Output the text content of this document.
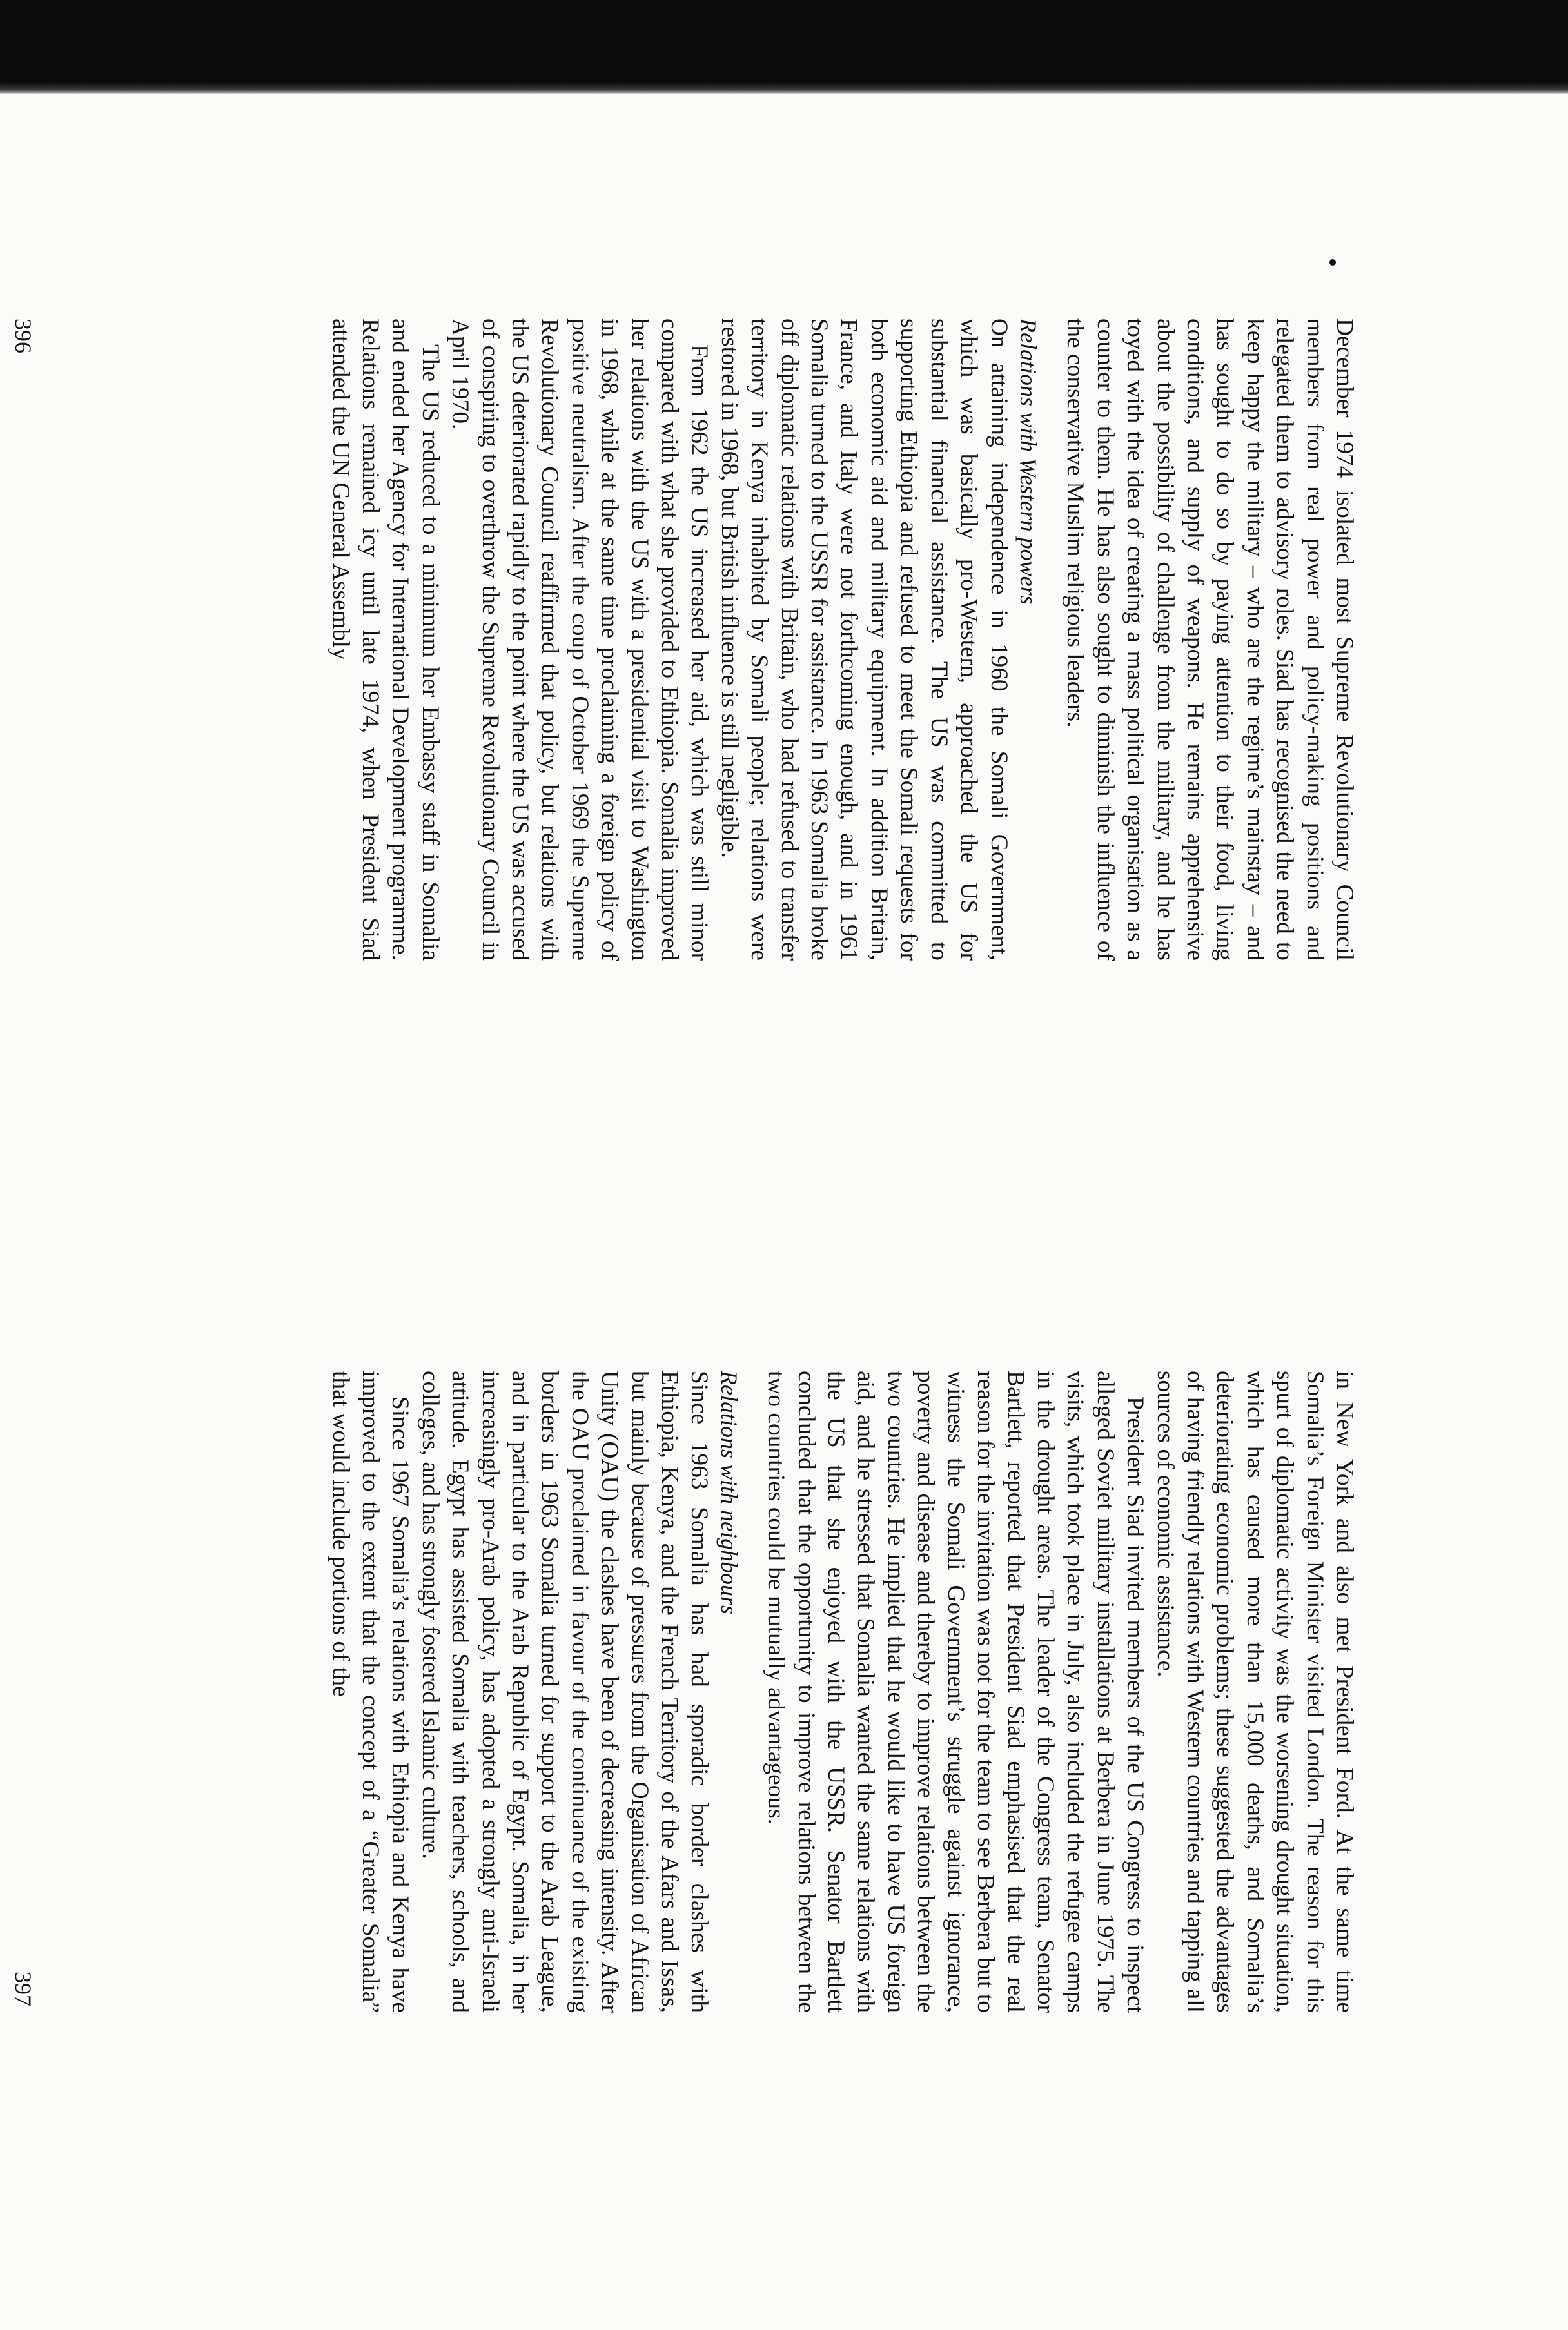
December 1974 isolated most Supreme Revolutionary Council members from real power and policy-making positions and relegated them to advisory roles. Siad has recognised the need to keep happy the military – who are the regime’s mainstay – and has sought to do so by paying attention to their food, living conditions, and supply of weapons. He remains apprehensive about the possibility of challenge from the military, and he has toyed with the idea of creating a mass political organisation as a counter to them. He has also sought to diminish the influence of the conservative Muslim religious leaders.

Relations with Western powers

On attaining independence in 1960 the Somali Government, which was basically pro-Western, approached the US for substantial financial assistance. The US was committed to supporting Ethiopia and refused to meet the Somali requests for both economic aid and military equipment. In addition Britain, France, and Italy were not forthcoming enough, and in 1961 Somalia turned to the USSR for assistance. In 1963 Somalia broke off diplomatic relations with Britain, who had refused to transfer territory in Kenya inhabited by Somali people; relations were restored in 1968, but British influence is still negligible.

From 1962 the US increased her aid, which was still minor compared with what she provided to Ethiopia. Somalia improved her relations with the US with a presidential visit to Washington in 1968, while at the same time proclaiming a foreign policy of positive neutralism. After the coup of October 1969 the Supreme Revolutionary Council reaffirmed that policy, but relations with the US deteriorated rapidly to the point where the US was accused of conspiring to overthrow the Supreme Revolutionary Council in April 1970.

The US reduced to a minimum her Embassy staff in Somalia and ended her Agency for International Development programme. Relations remained icy until late 1974, when President Siad attended the UN General Assembly

396

in New York and also met President Ford. At the same time Somalia’s Foreign Minister visited London. The reason for this spurt of diplomatic activity was the worsening drought situation, which has caused more than 15,000 deaths, and Somalia’s deteriorating economic problems; these suggested the advantages of having friendly relations with Western countries and tapping all sources of economic assistance.

President Siad invited members of the US Congress to inspect alleged Soviet military installations at Berbera in June 1975. The visits, which took place in July, also included the refugee camps in the drought areas. The leader of the Congress team, Senator Bartlett, reported that President Siad emphasised that the real reason for the invitation was not for the team to see Berbera but to witness the Somali Government’s struggle against ignorance, poverty and disease and thereby to improve relations between the two countries. He implied that he would like to have US foreign aid, and he stressed that Somalia wanted the same relations with the US that she enjoyed with the USSR. Senator Bartlett concluded that the opportunity to improve relations between the two countries could be mutually advantageous.

Relations with neighbours

Since 1963 Somalia has had sporadic border clashes with Ethiopia, Kenya, and the French Territory of the Afars and Issas, but mainly because of pressures from the Organisation of African Unity (OAU) the clashes have been of decreasing intensity. After the OAU proclaimed in favour of the continuance of the existing borders in 1963 Somalia turned for support to the Arab League, and in particular to the Arab Republic of Egypt. Somalia, in her increasingly pro-Arab policy, has adopted a strongly anti-Israeli attitude. Egypt has assisted Somalia with teachers, schools, and colleges, and has strongly fostered Islamic culture.

Since 1967 Somalia’s relations with Ethiopia and Kenya have improved to the extent that the concept of a “Greater Somalia” that would include portions of the

397
